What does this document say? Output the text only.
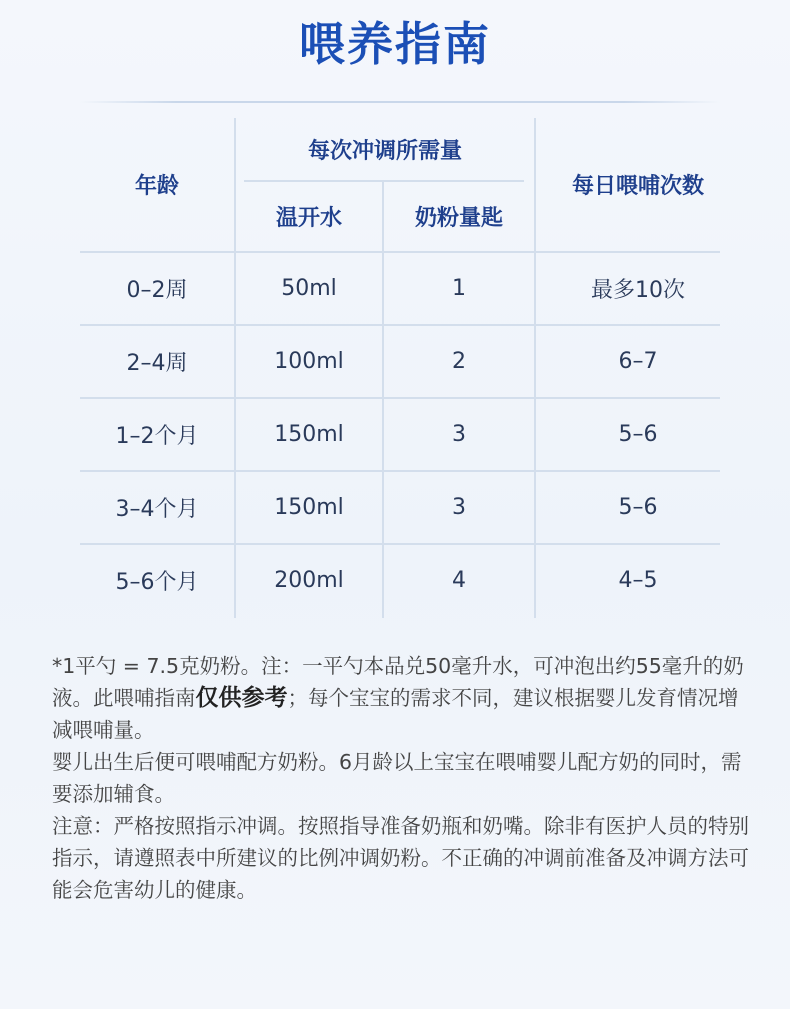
喂养指南
年龄
每次冲调所需量
温开水	奶粉量匙
每日喂哺次数
0–2周	50ml	1	最多10次
2–4周	100ml	2	6–7
1–2个月	150ml	3	5–6
3–4个月	150ml	3	5–6
5–6个月	200ml	4	4–5

*1平勺 = 7.5克奶粉。注：一平勺本品兑50毫升水，可冲泡出约55毫升的奶液。此喂哺指南仅供参考；每个宝宝的需求不同，建议根据婴儿发育情况增减喂哺量。

婴儿出生后便可喂哺配方奶粉。6月龄以上宝宝在喂哺婴儿配方奶的同时，需要添加辅食。

注意：严格按照指示冲调。按照指导准备奶瓶和奶嘴。除非有医护人员的特别指示，请遵照表中所建议的比例冲调奶粉。不正确的冲调前准备及冲调方法可能会危害幼儿的健康。
